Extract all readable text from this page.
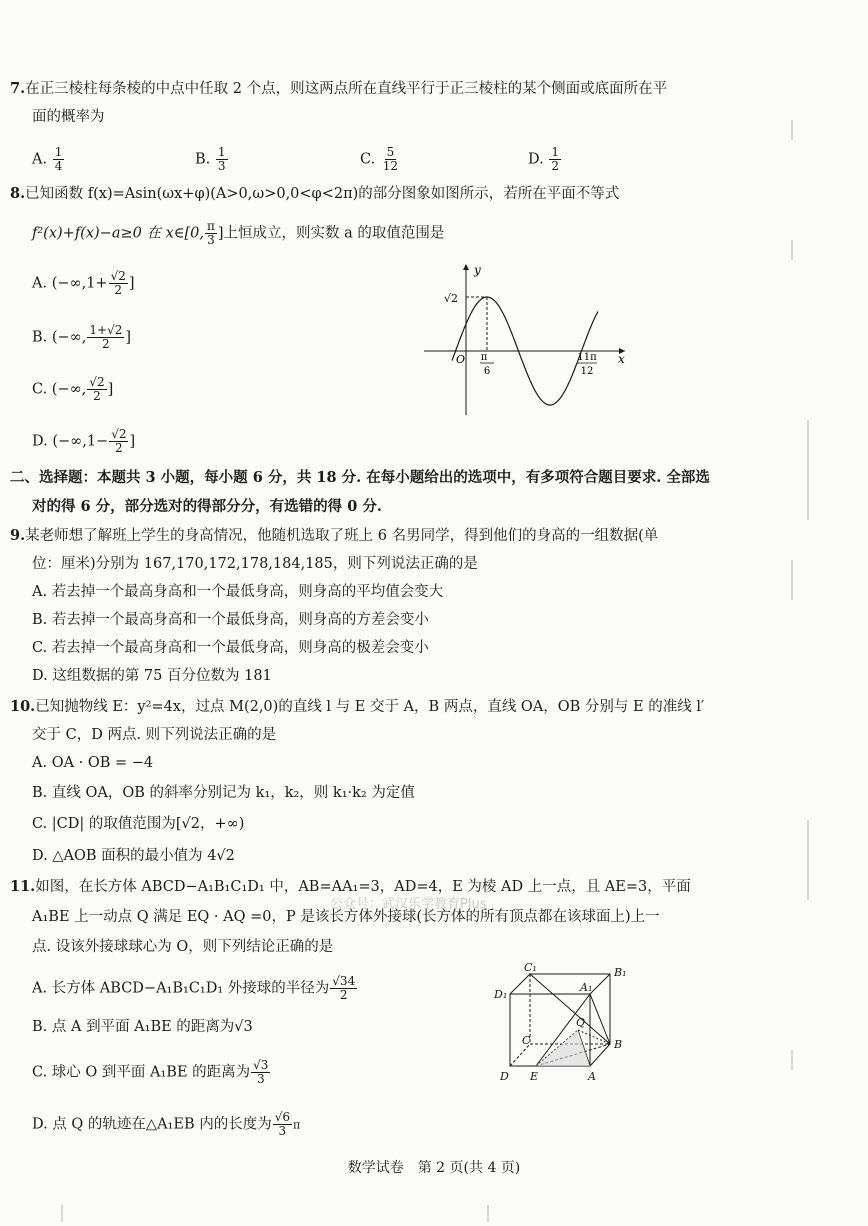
7.在正三棱柱每条棱的中点中任取 2 个点，则这两点所在直线平行于正三棱柱的某个侧面或底面所在平
面的概率为
A. $\frac{1}{4}$	B. $\frac{1}{3}$	C. $\frac{5}{12}$	D. $\frac{1}{2}$
8.已知函数 f(x)=Asin(ωx+φ)(A>0,ω>0,0<φ<2π)的部分图象如图所示，若所在平面不等式
f²(x)+f(x)−a≥0 在 x∈[0, $\frac{\pi}{3}$ ]上恒成立，则实数 a 的取值范围是
A. ($-\infty,1+ \frac{√2}{2}$ ]
B. (−∞, $\frac{1+√2}{2}$ ]
C. (−∞, $\frac{√2}{2}$ ]
D. ($-\infty,1- \frac{√2}{2}$ ]
y
x
O
√2
π
6
11π
12
二、选择题：本题共 3 小题，每小题 6 分，共 18 分. 在每小题给出的选项中，有多项符合题目要求. 全部选
对的得 6 分，部分选对的得部分分，有选错的得 0 分.
9.某老师想了解班上学生的身高情况，他随机选取了班上 6 名男同学，得到他们的身高的一组数据(单
位：厘米)分别为 167,170,172,178,184,185，则下列说法正确的是
A. 若去掉一个最高身高和一个最低身高，则身高的平均值会变大
B. 若去掉一个最高身高和一个最低身高，则身高的方差会变小
C. 若去掉一个最高身高和一个最低身高，则身高的极差会变小
D. 这组数据的第 75 百分位数为 181
10.已知抛物线 E：y²=4x，过点 M(2,0)的直线 l 与 E 交于 A，B 两点，直线 OA，OB 分别与 E 的准线 l′
交于 C，D 两点. 则下列说法正确的是
A. OA · OB = −4
B. 直线 OA，OB 的斜率分别记为 k₁，k₂，则 k₁·k₂ 为定值
C. |CD| 的取值范围为[√2，+∞)
D. △AOB 面积的最小值为 4√2
11.如图，在长方体 ABCD−A₁B₁C₁D₁ 中，AB=AA₁=3，AD=4，E 为棱 AD 上一点，且 AE=3，平面
A₁BE 上一动点 Q 满足 EQ · AQ =0，P 是该长方体外接球(长方体的所有顶点都在该球面上)上一
点. 设该外接球球心为 O，则下列结论正确的是
A. 长方体 ABCD−A₁B₁C₁D₁ 外接球的半径为 $\frac{√34}{2}$
B. 点 A 到平面 A₁BE 的距离为√3
C. 球心 O 到平面 A₁BE 的距离为 $\frac{√3}{3}$
D. 点 Q 的轨迹在△A₁EB 内的长度为 $\frac{√6}{3}$ π
C₁	B₁
D₁
A₁
C	B
D E	A
Q
公众号：武汉乐学教育Plus
数学试卷　第 2 页(共 4 页)
